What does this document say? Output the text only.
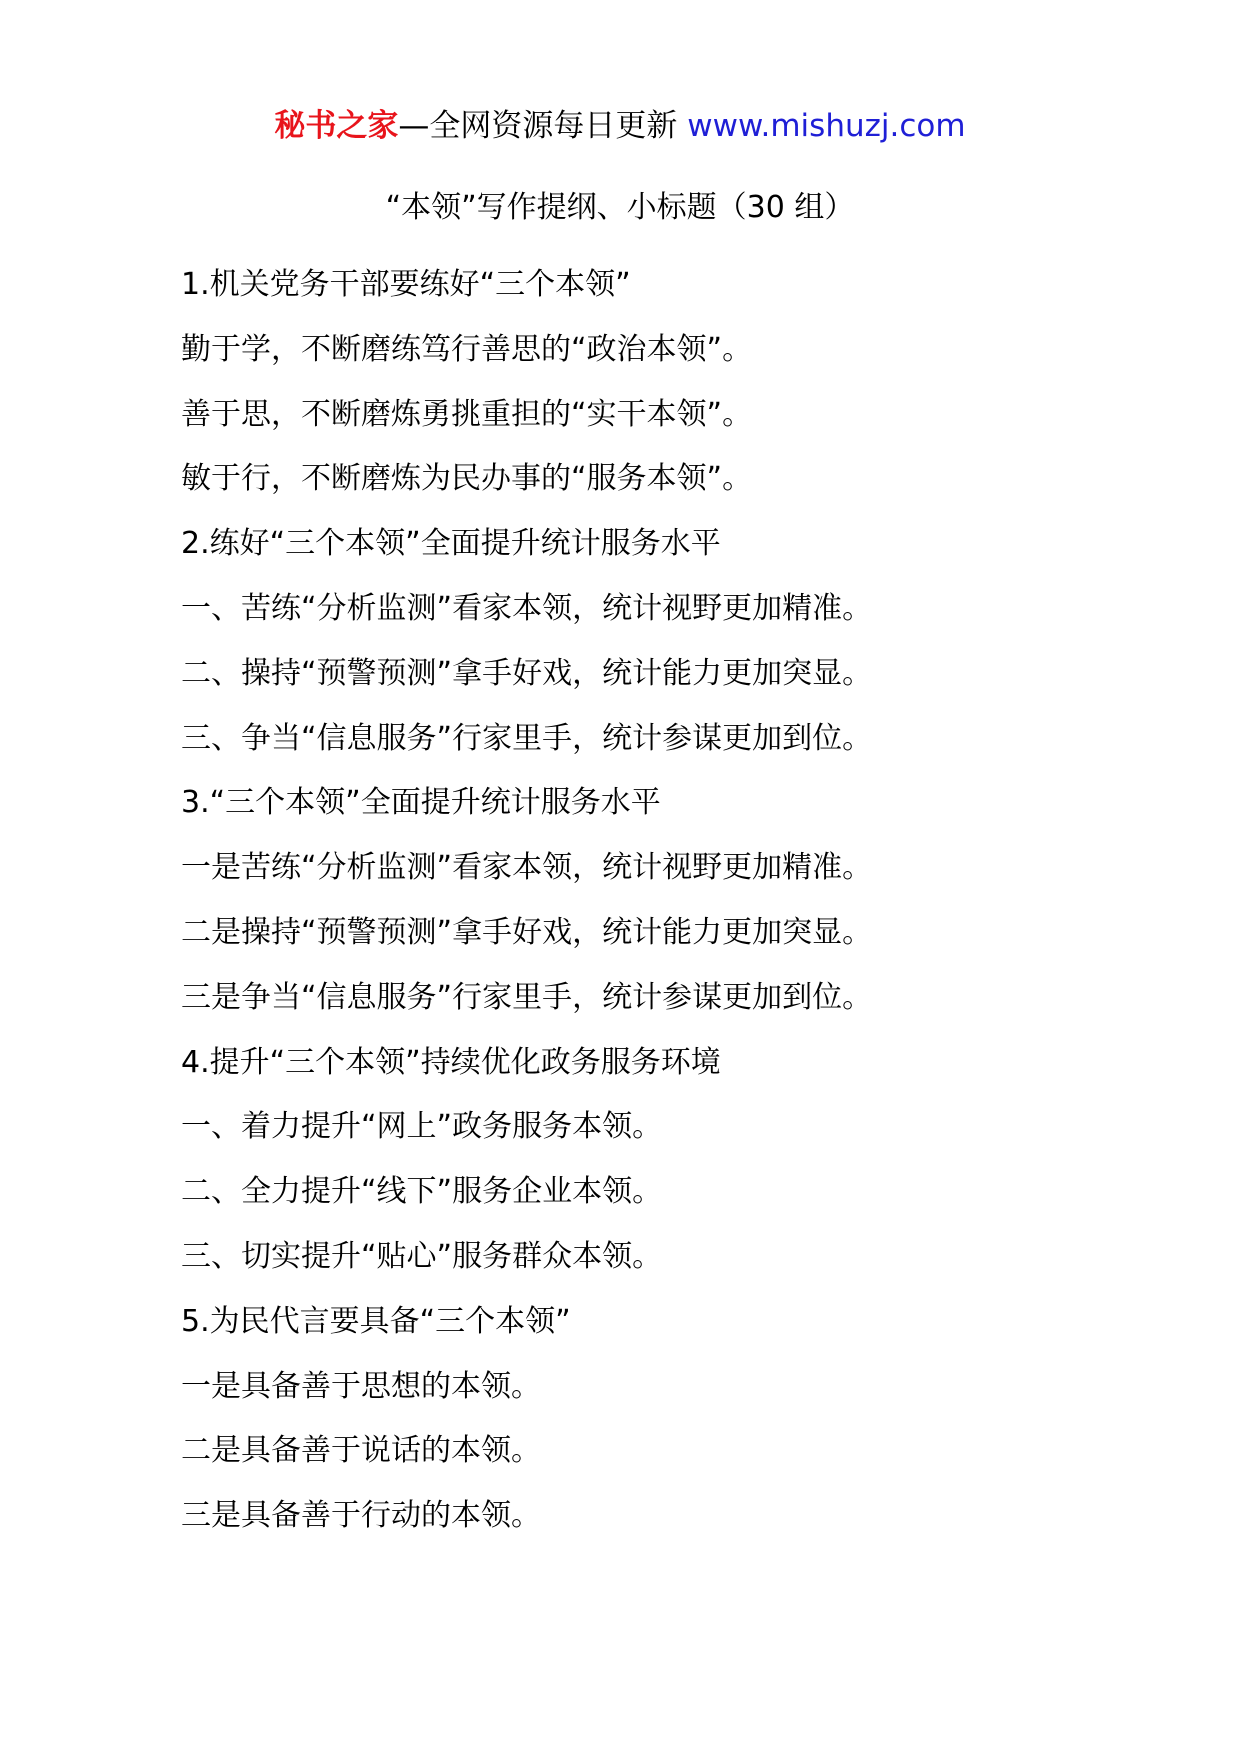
秘书之家—全网资源每日更新 www.mishuzj.com
“本领”写作提纲、小标题（30 组）
1.机关党务干部要练好“三个本领”
勤于学，不断磨练笃行善思的“政治本领”。
善于思，不断磨炼勇挑重担的“实干本领”。
敏于行，不断磨炼为民办事的“服务本领”。
2.练好“三个本领”全面提升统计服务水平
一、苦练“分析监测”看家本领，统计视野更加精准。
二、操持“预警预测”拿手好戏，统计能力更加突显。
三、争当“信息服务”行家里手，统计参谋更加到位。
3.“三个本领”全面提升统计服务水平
一是苦练“分析监测”看家本领，统计视野更加精准。
二是操持“预警预测”拿手好戏，统计能力更加突显。
三是争当“信息服务”行家里手，统计参谋更加到位。
4.提升“三个本领”持续优化政务服务环境
一、着力提升“网上”政务服务本领。
二、全力提升“线下”服务企业本领。
三、切实提升“贴心”服务群众本领。
5.为民代言要具备“三个本领”
一是具备善于思想的本领。
二是具备善于说话的本领。
三是具备善于行动的本领。
